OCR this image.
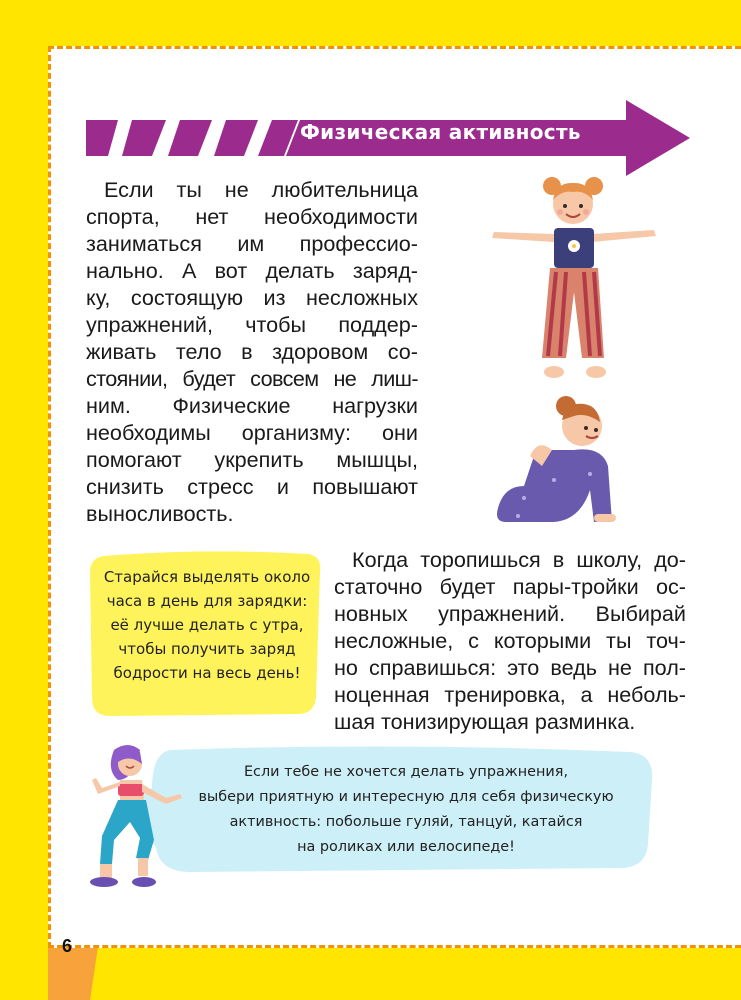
Физическая активность
Если ты не любительница
спорта, нет необходимости
заниматься им профессио-
нально. А вот делать заряд-
ку, состоящую из несложных
упражнений, чтобы поддер-
живать тело в здоровом со-
стоянии, будет совсем не лиш-
ним. Физические нагрузки
необходимы организму: они
помогают укрепить мышцы,
снизить стресс и повышают
выносливость.
Старайся выделять около
часа в день для зарядки:
её лучше делать с утра,
чтобы получить заряд
бодрости на весь день!
Когда торопишься в школу, до-
статочно будет пары-тройки ос-
новных упражнений. Выбирай
несложные, с которыми ты точ-
но справишься: это ведь не пол-
ноценная тренировка, а неболь-
шая тонизирующая разминка.
Если тебе не хочется делать упражнения,
выбери приятную и интересную для себя физическую
активность: побольше гуляй, танцуй, катайся
на роликах или велосипеде!
6
